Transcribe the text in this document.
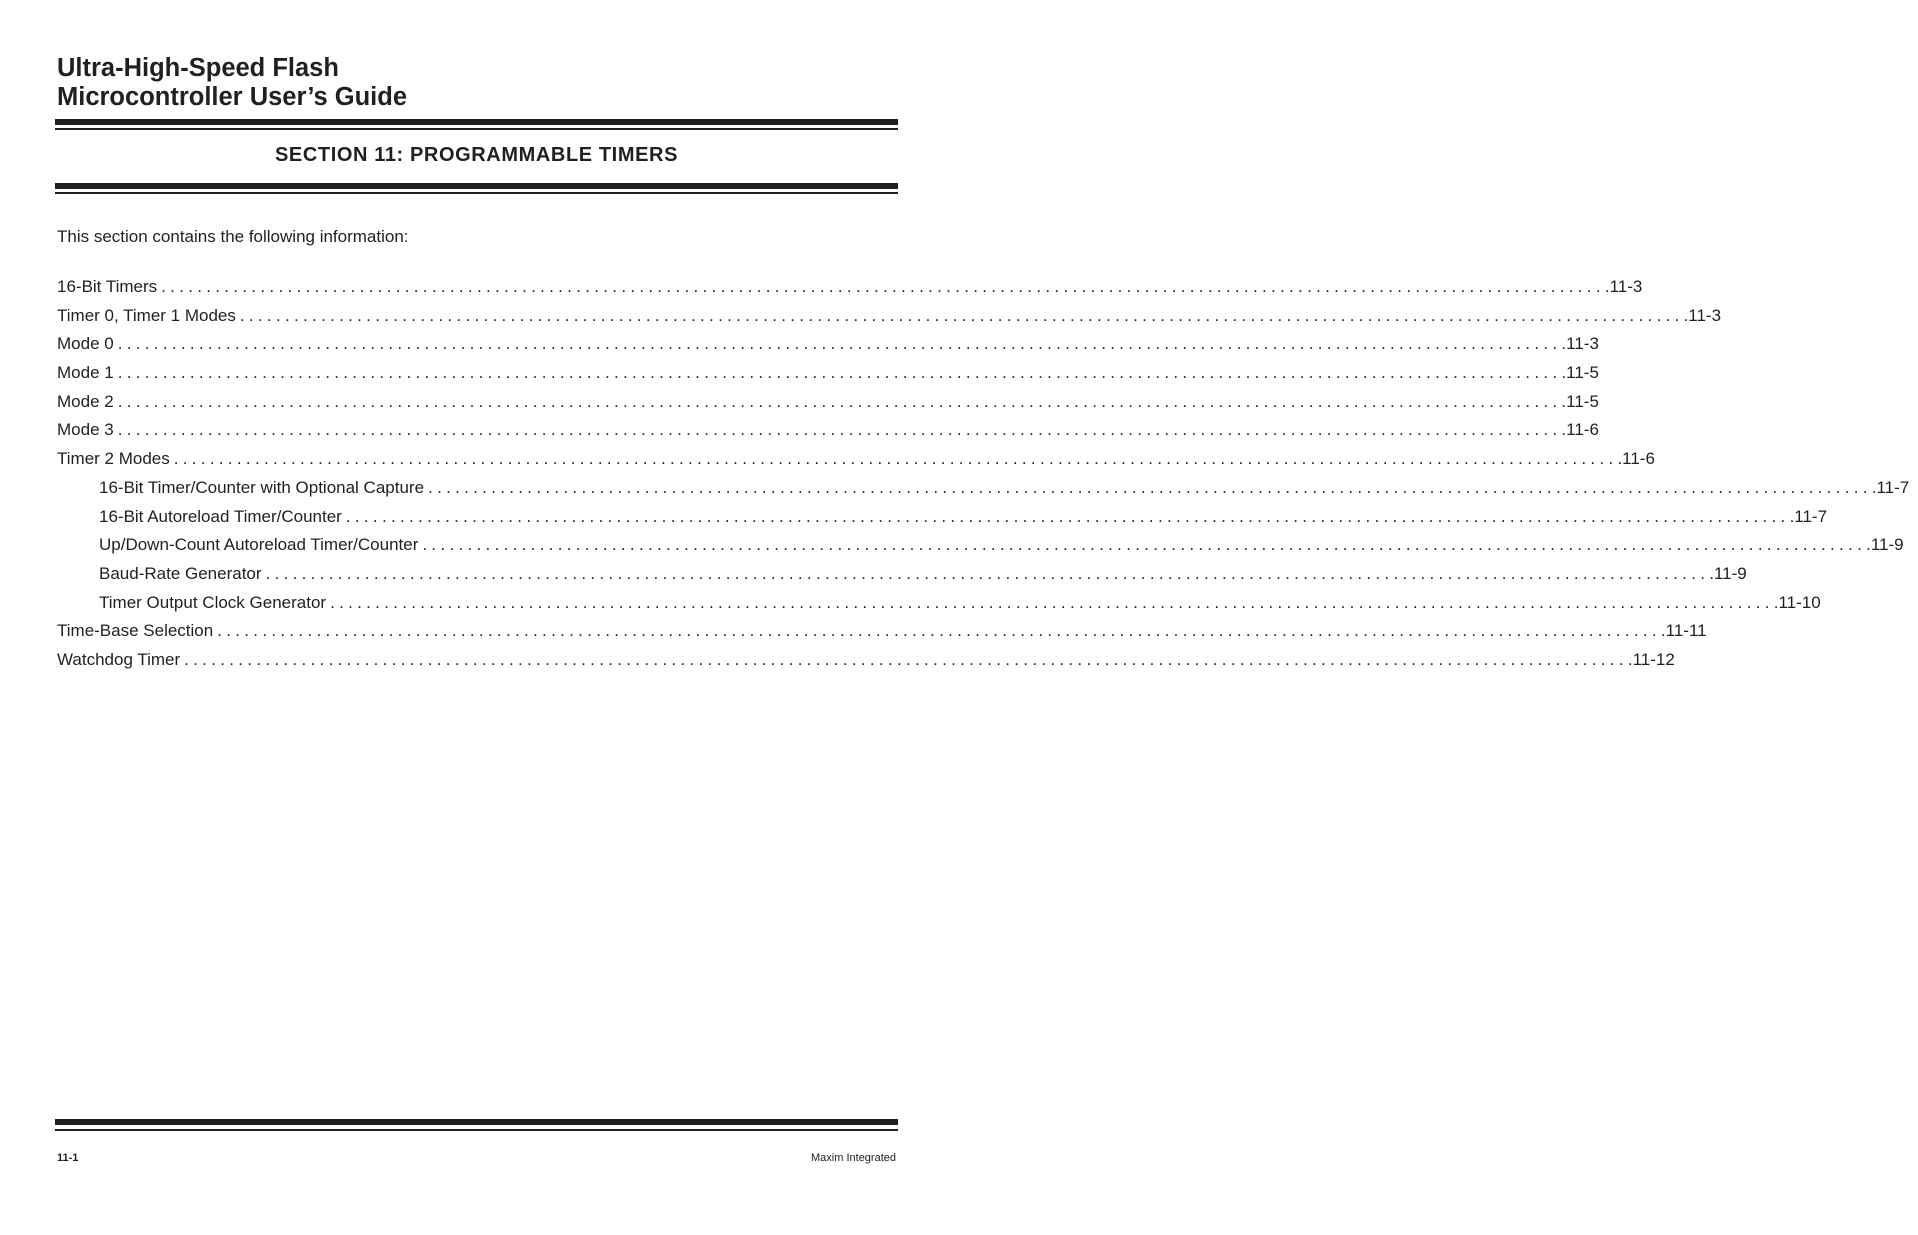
Ultra-High-Speed Flash
Microcontroller User’s Guide
SECTION 11: PROGRAMMABLE TIMERS
This section contains the following information:
16-Bit Timers ................................................................................................................................................................ .11-3
Timer 0, Timer 1 Modes ................................................................................................................................................................ .11-3
Mode 0 ................................................................................................................................................................ .11-3
Mode 1 ................................................................................................................................................................ .11-5
Mode 2 ................................................................................................................................................................ .11-5
Mode 3 ................................................................................................................................................................ .11-6
Timer 2 Modes ................................................................................................................................................................ .11-6
16-Bit Timer/Counter with Optional Capture ................................................................................................................................................................ .11-7
16-Bit Autoreload Timer/Counter ................................................................................................................................................................ .11-7
Up/Down-Count Autoreload Timer/Counter ................................................................................................................................................................ .11-9
Baud-Rate Generator ................................................................................................................................................................ .11-9
Timer Output Clock Generator ................................................................................................................................................................ .11-10
Time-Base Selection ................................................................................................................................................................ .11-11
Watchdog Timer ................................................................................................................................................................ .11-12
11-1	Maxim Integrated
